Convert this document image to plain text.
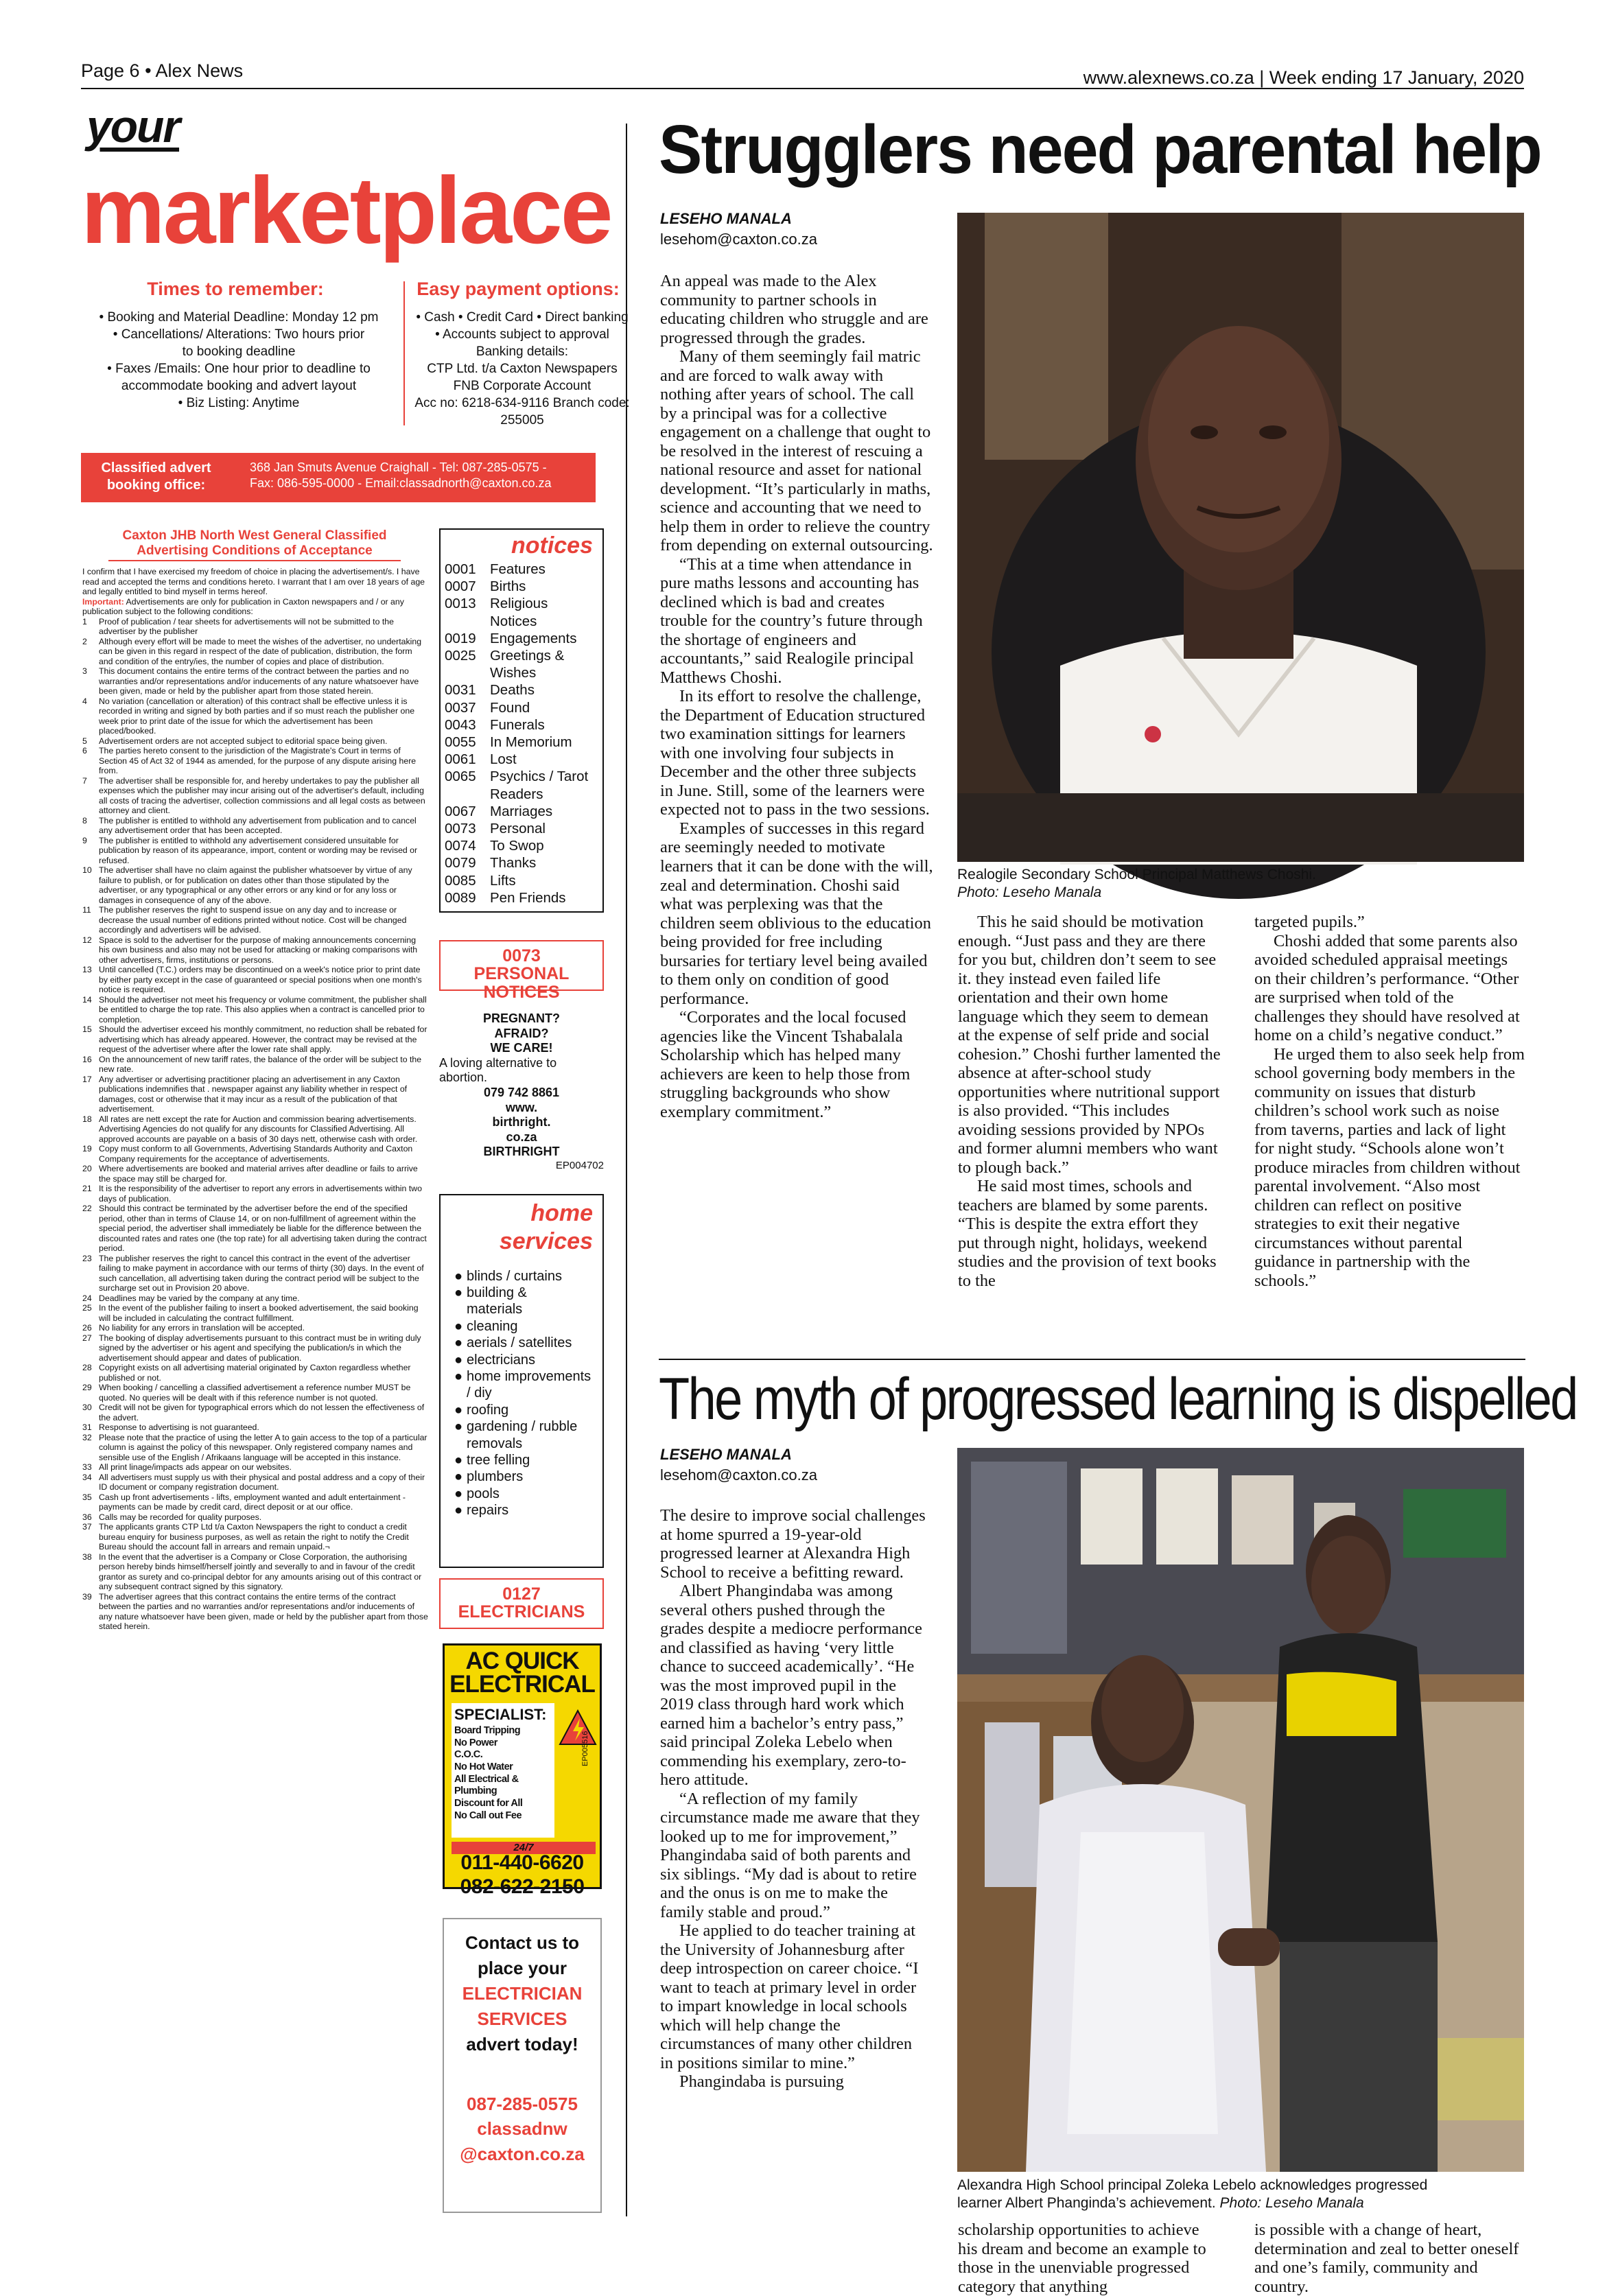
Page 6 • Alex News	www.alexnews.co.za | Week ending 17 January, 2020
your
marketplace
Times to remember:
• Booking and Material Deadline: Monday 12 pm
• Cancellations/ Alterations: Two hours prior
to booking deadline
• Faxes /Emails: One hour prior to deadline to
accommodate booking and advert layout
• Biz Listing: Anytime
Easy payment options:
• Cash • Credit Card • Direct banking
• Accounts subject to approval
Banking details:
CTP Ltd. t/a Caxton Newspapers
FNB Corporate Account
Acc no: 6218-634-9116 Branch code: 255005
Classified advert
booking office:
368 Jan Smuts Avenue Craighall - Tel: 087-285-0575 -
Fax: 086-595-0000 - Email:classadnorth@caxton.co.za
Caxton JHB North West General Classified
Advertising Conditions of Acceptance

I confirm that I have exercised my freedom of choice in placing the advertisement/s. I have read and accepted the terms and conditions hereto. I warrant that I am over 18 years of age and legally entitled to bind myself in terms hereof.

Important: Advertisements are only for publication in Caxton newspapers and / or any publication subject to the following conditions:

1	Proof of publication / tear sheets for advertisements will not be submitted to the advertiser by the publisher
2	Although every effort will be made to meet the wishes of the advertiser, no undertaking can be given in this regard in respect of the date of publication, distribution, the form and condition of the entry/ies, the number of copies and place of distribution.
3	This document contains the entire terms of the contract between the parties and no warranties and/or representations and/or inducements of any nature whatsoever have been given, made or held by the publisher apart from those stated herein.
4	No variation (cancellation or alteration) of this contract shall be effective unless it is recorded in writing and signed by both parties and if so must reach the publisher one week prior to print date of the issue for which the advertisement has been placed/booked.
5	Advertisement orders are not accepted subject to editorial space being given.
6	The parties hereto consent to the jurisdiction of the Magistrate's Court in terms of Section 45 of Act 32 of 1944 as amended, for the purpose of any dispute arising here from.
7	The advertiser shall be responsible for, and hereby undertakes to pay the publisher all expenses which the publisher may incur arising out of the advertiser's default, including all costs of tracing the advertiser, collection commissions and all legal costs as between attorney and client.
8	The publisher is entitled to withhold any advertisement from publication and to cancel any advertisement order that has been accepted.
9	The publisher is entitled to withhold any advertisement considered unsuitable for publication by reason of its appearance, import, content or wording may be revised or refused.
10 The advertiser shall have no claim against the publisher whatsoever by virtue of any failure to publish, or for publication on dates other than those stipulated by the advertiser, or any typographical or any other errors or any kind or for any loss or damages in consequence of any of the above.
11 The publisher reserves the right to suspend issue on any day and to increase or decrease the usual number of editions printed without notice. Cost will be changed accordingly and advertisers will be advised.
12 Space is sold to the advertiser for the purpose of making announcements concerning his own business and also may not be used for attacking or making comparisons with other advertisers, firms, institutions or persons.
13 Until cancelled (T.C.) orders may be discontinued on a week's notice prior to print date by either party except in the case of guaranteed or special positions when one month's notice is required.
14 Should the advertiser not meet his frequency or volume commitment, the publisher shall be entitled to charge the top rate. This also applies when a contract is cancelled prior to completion.
15 Should the advertiser exceed his monthly commitment, no reduction shall be rebated for advertising which has already appeared. However, the contract may be revised at the request of the advertiser where after the lower rate shall apply.
16 On the announcement of new tariff rates, the balance of the order will be subject to the new rate.
17 Any advertiser or advertising practitioner placing an advertisement in any Caxton publications indemnifies that . newspaper against any liability whether in respect of damages, cost or otherwise that it may incur as a result of the publication of that advertisement.
18 All rates are nett except the rate for Auction and commission bearing advertisements. Advertising Agencies do not qualify for any discounts for Classified Advertising. All approved accounts are payable on a basis of 30 days nett, otherwise cash with order.
19 Copy must conform to all Governments, Advertising Standards Authority and Caxton Company requirements for the acceptance of advertisements.
20 Where advertisements are booked and material arrives after deadline or fails to arrive the space may still be charged for.
21 It is the responsibility of the advertiser to report any errors in advertisements within two days of publication.
22 Should this contract be terminated by the advertiser before the end of the specified period, other than in terms of Clause 14, or on non-fulfillment of agreement within the special period, the advertiser shall immediately be liable for the difference between the discounted rates and rates one (the top rate) for all advertising taken during the contract period.
23 The publisher reserves the right to cancel this contract in the event of the advertiser failing to make payment in accordance with our terms of thirty (30) days. In the event of such cancellation, all advertising taken during the contract period will be subject to the surcharge set out in Provision 20 above.
24 Deadlines may be varied by the company at any time.
25 In the event of the publisher failing to insert a booked advertisement, the said booking will be included in calculating the contract fulfillment.
26 No liability for any errors in translation will be accepted.
27 The booking of display advertisements pursuant to this contract must be in writing duly signed by the advertiser or his agent and specifying the publication/s in which the advertisement should appear and dates of publication.
28 Copyright exists on all advertising material originated by Caxton regardless whether published or not.
29 When booking / cancelling a classified advertisement a reference number MUST be quoted. No queries will be dealt with if this reference number is not quoted.
30 Credit will not be given for typographical errors which do not lessen the effectiveness of the advert.
31 Response to advertising is not guaranteed.
32 Please note that the practice of using the letter A to gain access to the top of a particular column is against the policy of this newspaper. Only registered company names and sensible use of the English / Afrikaans language will be accepted in this instance.
33 All print linage/impacts ads appear on our websites.
34 All advertisers must supply us with their physical and postal address and a copy of their ID document or company registration document.
35 Cash up front advertisements - lifts, employment wanted and adult entertainment - payments can be made by credit card, direct deposit or at our office.
36 Calls may be recorded for quality purposes.
37 The applicants grants CTP Ltd t/a Caxton Newspapers the right to conduct a credit bureau enquiry for business purposes, as well as retain the right to notify the Credit Bureau should the account fall in arrears and remain unpaid.¬
38 In the event that the advertiser is a Company or Close Corporation, the authorising person hereby binds himself/herself jointly and severally to and in favour of the credit grantor as surety and co-principal debtor for any amounts arising out of this contract or any subsequent contract signed by this signatory.
39 The advertiser agrees that this contract contains the entire terms of the contract between the parties and no warranties and/or representations and/or inducements of any nature whatsoever have been given, made or held by the publisher apart from those stated herein.
notices
0001 Features
0007 Births
0013 Religious
Notices
0019 Engagements
0025 Greetings &
Wishes
0031 Deaths
0037 Found
0043 Funerals
0055 In Memorium
0061 Lost
0065 Psychics / Tarot
Readers
0067 Marriages
0073 Personal
0074 To Swop
0079 Thanks
0085 Lifts
0089 Pen Friends
0073
PERSONAL NOTICES
PREGNANT?
AFRAID?
WE CARE!
A loving alternative to
abortion.
079 742 8861
www.
birthright.
co.za
BIRTHRIGHT
EP004702
home
services
● blinds / curtains
● building &
materials
● cleaning
● aerials / satellites
● electricians
● home improvements
/ diy
● roofing
● gardening / rubble
removals
● tree felling
● plumbers
● pools
● repairs
0127
ELECTRICIANS
AC QUICK
ELECTRICAL
SPECIALIST:
Board Tripping
No Power
C.O.C.
No Hot Water
All Electrical & Plumbing
Discount for All
No Call out Fee
EP005516
24/7
011-440-6620
082-622-2150
Contact us to
place your
ELECTRICIAN
SERVICES
advert today!
087-285-0575
classadnw
@caxton.co.za
Strugglers need parental help
LESEHO MANALA
lesehom@caxton.co.za

An appeal was made to the Alex community to partner schools in educating children who struggle and are progressed through the grades.

Many of them seemingly fail matric and are forced to walk away with nothing after years of school. The call by a principal was for a collective engagement on a challenge that ought to be resolved in the interest of rescuing a national resource and asset for national development. “It’s particularly in maths, science and accounting that we need to help them in order to relieve the country from depending on external outsourcing.

“This at a time when attendance in pure maths lessons and accounting has declined which is bad and creates trouble for the country’s future through the shortage of engineers and accountants,” said Realogile principal Matthews Choshi.

In its effort to resolve the challenge, the Department of Education structured two examination sittings for learners with one involving four subjects in December and the other three subjects in June. Still, some of the learners were expected not to pass in the two sessions.

Examples of successes in this regard are seemingly needed to motivate learners that it can be done with the will, zeal and determination. Choshi said what was perplexing was that the children seem oblivious to the education being provided for free including bursaries for tertiary level being availed to them only on condition of good performance.

“Corporates and the local focused agencies like the Vincent Tshabalala Scholarship which has helped many achievers are keen to help those from struggling backgrounds who show exemplary commitment.”

Realogile Secondary School Principal Matthews Choshi.
Photo: Leseho Manala

This he said should be motivation enough. “Just pass and they are there for you but, children don’t seem to see it. they instead even failed life orientation and their own home language which they seem to demean at the expense of self pride and social cohesion.” Choshi further lamented the absence at after-school study opportunities where nutritional support is also provided. “This includes avoiding sessions provided by NPOs and former alumni members who want to plough back.”

He said most times, schools and teachers are blamed by some parents. “This is despite the extra effort they put through night, holidays, weekend studies and the provision of text books to the

targeted pupils.”

Choshi added that some parents also avoided scheduled appraisal meetings on their children’s performance. “Other are surprised when told of the challenges they should have resolved at home on a child’s negative conduct.”

He urged them to also seek help from school governing body members in the community on issues that disturb children’s school work such as noise from taverns, parties and lack of light for night study. “Schools alone won’t produce miracles from children without parental involvement. “Also most children can reflect on positive strategies to exit their negative circumstances without parental guidance in partnership with the schools.”

The myth of progressed learning is dispelled
LESEHO MANALA
lesehom@caxton.co.za

The desire to improve social challenges at home spurred a 19-year-old progressed learner at Alexandra High School to receive a befitting reward.

Albert Phangindaba was among several others pushed through the grades despite a mediocre performance and classified as having ‘very little chance to succeed academically’. “He was the most improved pupil in the 2019 class through hard work which earned him a bachelor’s entry pass,” said principal Zoleka Lebelo when commending his exemplary, zero-to-hero attitude.

“A reflection of my family circumstance made me aware that they looked up to me for improvement,” Phangindaba said of both parents and six siblings. “My dad is about to retire and the onus is on me to make the family stable and proud.”

He applied to do teacher training at the University of Johannesburg after deep introspection on career choice. “I want to teach at primary level in order to impart knowledge in local schools which will help change the circumstances of many other children in positions similar to mine.”

Phangindaba is pursuing

Alexandra High School principal Zoleka Lebelo acknowledges progressed
learner Albert Phanginda’s achievement. Photo: Leseho Manala

scholarship opportunities to achieve his dream and become an example to those in the unenviable progressed category that anything

is possible with a change of heart, determination and zeal to better oneself and one’s family, community and country.
